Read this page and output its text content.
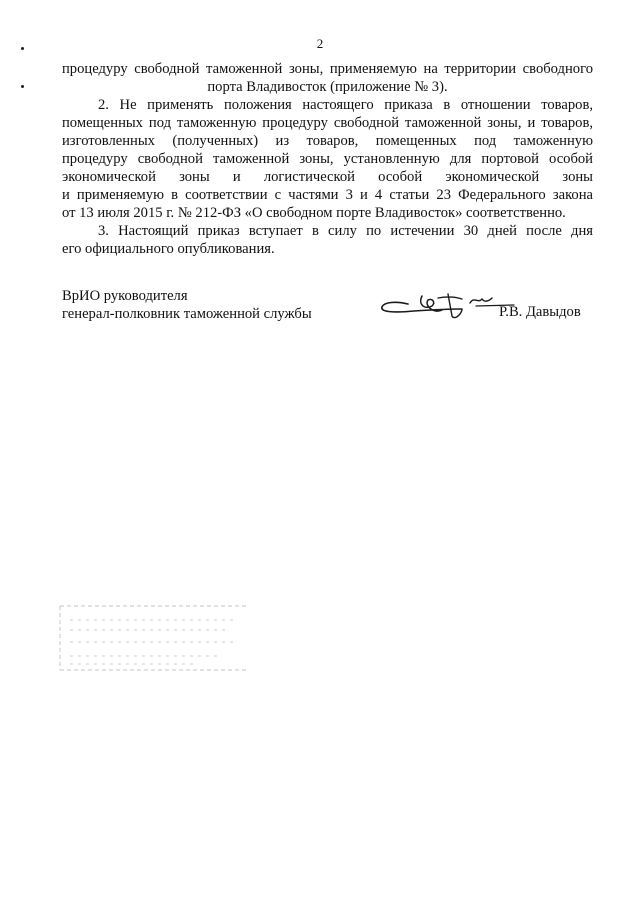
2
процедуру свободной таможенной зоны, применяемую на территории свободного
порта Владивосток (приложение № 3).
2. Не применять положения настоящего приказа в отношении товаров,
помещенных под таможенную процедуру свободной таможенной зоны, и товаров,
изготовленных (полученных) из товаров, помещенных под таможенную
процедуру свободной таможенной зоны, установленную для портовой особой
экономической зоны и логистической особой экономической зоны
и применяемую в соответствии с частями 3 и 4 статьи 23 Федерального закона
от 13 июля 2015 г. № 212-ФЗ «О свободном порте Владивосток» соответственно.
3. Настоящий приказ вступает в силу по истечении 30 дней после дня
его официального опубликования.
ВрИО руководителя
генерал-полковник таможенной службы	Р.В. Давыдов
